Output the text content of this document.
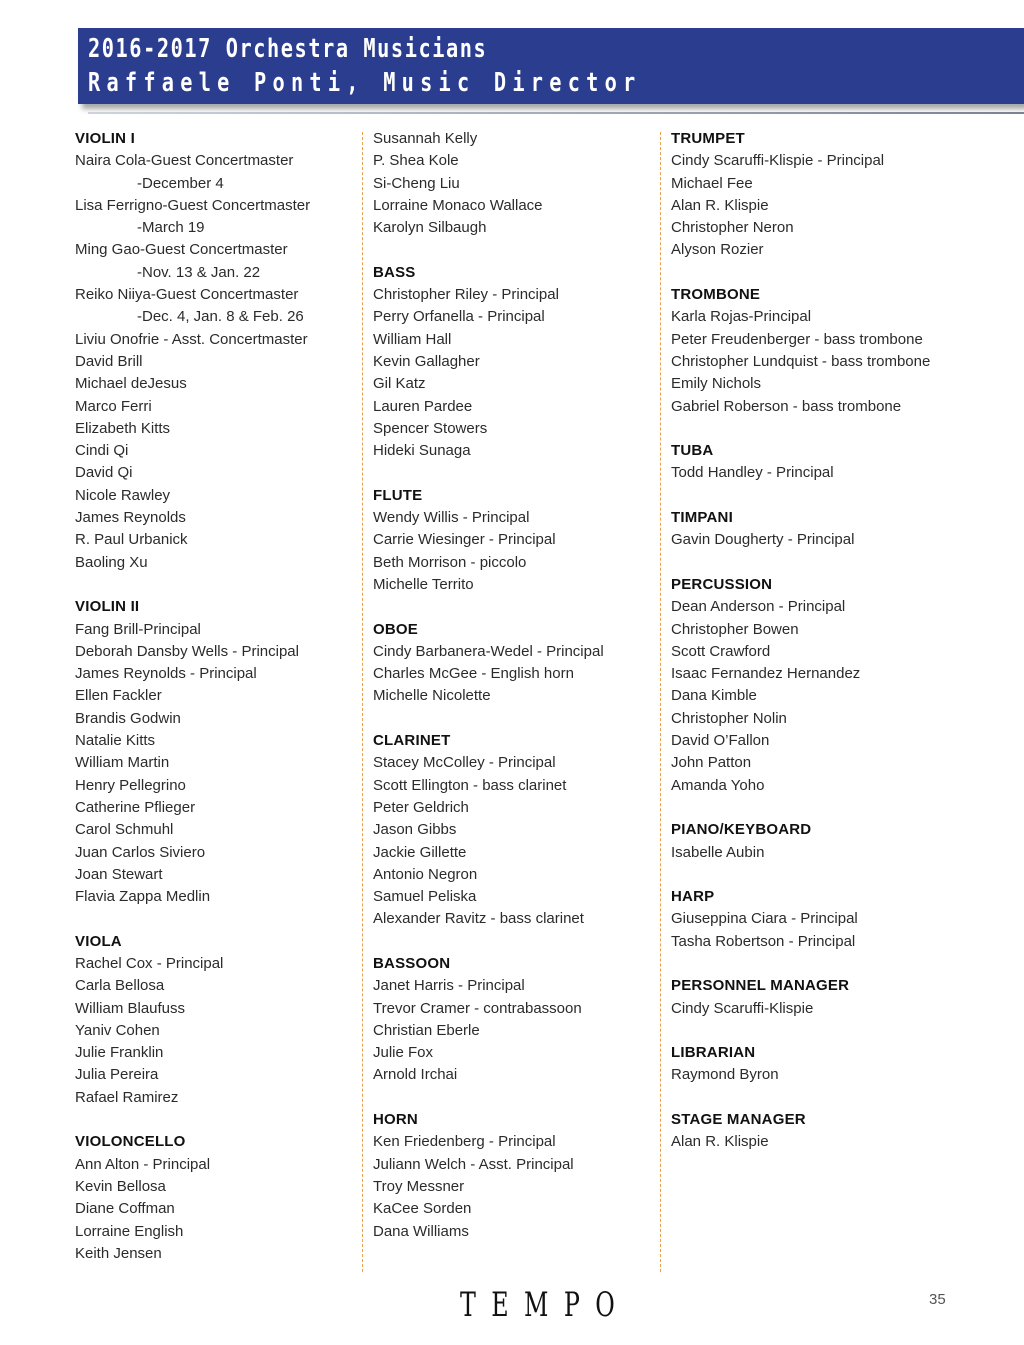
2016-2017 Orchestra Musicians
Raffaele Ponti, Music Director
VIOLIN I
Naira Cola-Guest Concertmaster
-December 4
Lisa Ferrigno-Guest Concertmaster
-March 19
Ming Gao-Guest Concertmaster
-Nov. 13 & Jan. 22
Reiko Niiya-Guest Concertmaster
-Dec. 4, Jan. 8 & Feb. 26
Liviu Onofrie - Asst. Concertmaster
David Brill
Michael deJesus
Marco Ferri
Elizabeth Kitts
Cindi Qi
David Qi
Nicole Rawley
James Reynolds
R. Paul Urbanick
Baoling Xu
VIOLIN II
Fang Brill-Principal
Deborah Dansby Wells - Principal
James Reynolds - Principal
Ellen Fackler
Brandis Godwin
Natalie Kitts
William Martin
Henry Pellegrino
Catherine Pflieger
Carol Schmuhl
Juan Carlos Siviero
Joan Stewart
Flavia Zappa Medlin
VIOLA
Rachel Cox - Principal
Carla Bellosa
William Blaufuss
Yaniv Cohen
Julie Franklin
Julia Pereira
Rafael Ramirez
VIOLONCELLO
Ann Alton - Principal
Kevin Bellosa
Diane Coffman
Lorraine English
Keith Jensen
Susannah Kelly
P. Shea Kole
Si-Cheng Liu
Lorraine Monaco Wallace
Karolyn Silbaugh
BASS
Christopher Riley - Principal
Perry Orfanella - Principal
William Hall
Kevin Gallagher
Gil Katz
Lauren Pardee
Spencer Stowers
Hideki Sunaga
FLUTE
Wendy Willis - Principal
Carrie Wiesinger - Principal
Beth Morrison - piccolo
Michelle Territo
OBOE
Cindy Barbanera-Wedel - Principal
Charles McGee - English horn
Michelle Nicolette
CLARINET
Stacey McColley - Principal
Scott Ellington - bass clarinet
Peter Geldrich
Jason Gibbs
Jackie Gillette
Antonio Negron
Samuel Peliska
Alexander Ravitz - bass clarinet
BASSOON
Janet Harris - Principal
Trevor Cramer - contrabassoon
Christian Eberle
Julie Fox
Arnold Irchai
HORN
Ken Friedenberg - Principal
Juliann Welch - Asst. Principal
Troy Messner
KaCee Sorden
Dana Williams
TRUMPET
Cindy Scaruffi-Klispie - Principal
Michael Fee
Alan R. Klispie
Christopher Neron
Alyson Rozier
TROMBONE
Karla Rojas-Principal
Peter Freudenberger - bass trombone
Christopher Lundquist - bass trombone
Emily Nichols
Gabriel Roberson - bass trombone
TUBA
Todd Handley - Principal
TIMPANI
Gavin Dougherty - Principal
PERCUSSION
Dean Anderson - Principal
Christopher Bowen
Scott Crawford
Isaac Fernandez Hernandez
Dana Kimble
Christopher Nolin
David O’Fallon
John Patton
Amanda Yoho
PIANO/KEYBOARD
Isabelle Aubin
HARP
Giuseppina Ciara - Principal
Tasha Robertson - Principal
PERSONNEL MANAGER
Cindy Scaruffi-Klispie
LIBRARIAN
Raymond Byron
STAGE MANAGER
Alan R. Klispie
TEMPO	35
